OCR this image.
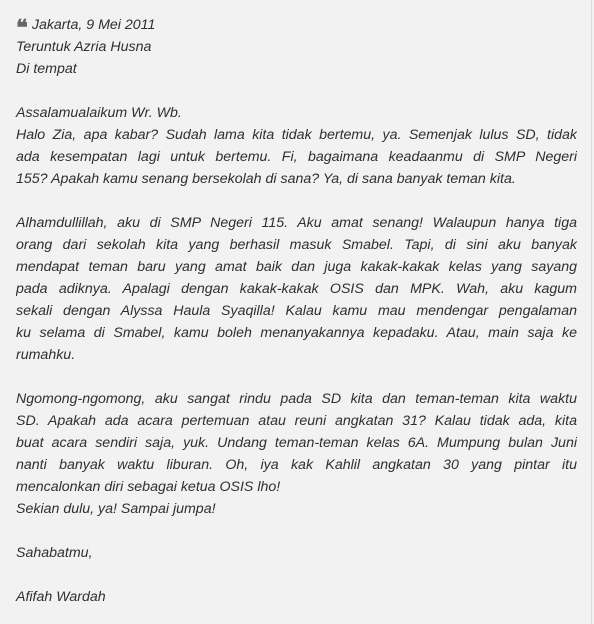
❝ Jakarta, 9 Mei 2011
Teruntuk Azria Husna
Di tempat
Assalamualaikum Wr. Wb.
Halo Zia, apa kabar? Sudah lama kita tidak bertemu, ya. Semenjak lulus SD, tidak
ada kesempatan lagi untuk bertemu. Fi, bagaimana keadaanmu di SMP Negeri
155? Apakah kamu senang bersekolah di sana? Ya, di sana banyak teman kita.
Alhamdullillah, aku di SMP Negeri 115. Aku amat senang! Walaupun hanya tiga
orang dari sekolah kita yang berhasil masuk Smabel. Tapi, di sini aku banyak
mendapat teman baru yang amat baik dan juga kakak-kakak kelas yang sayang
pada adiknya. Apalagi dengan kakak-kakak OSIS dan MPK. Wah, aku kagum
sekali dengan Alyssa Haula Syaqilla! Kalau kamu mau mendengar pengalaman
ku selama di Smabel, kamu boleh menanyakannya kepadaku. Atau, main saja ke
rumahku.
Ngomong-ngomong, aku sangat rindu pada SD kita dan teman-teman kita waktu
SD. Apakah ada acara pertemuan atau reuni angkatan 31? Kalau tidak ada, kita
buat acara sendiri saja, yuk. Undang teman-teman kelas 6A. Mumpung bulan Juni
nanti banyak waktu liburan. Oh, iya kak Kahlil angkatan 30 yang pintar itu
mencalonkan diri sebagai ketua OSIS lho!
Sekian dulu, ya! Sampai jumpa!
Sahabatmu,
Afifah Wardah
